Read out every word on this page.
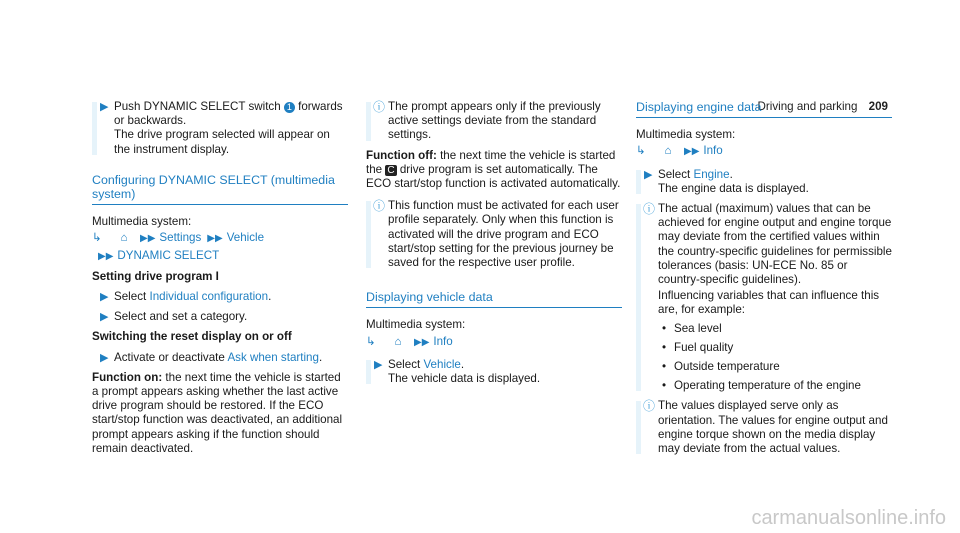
Driving and parking 209
▶ Push DYNAMIC SELECT switch 1 forwards or backwards.
The drive program selected will appear on the instrument display.
Configuring DYNAMIC SELECT (multimedia system)
Multimedia system:
↳ ⌂ ▶▶ Settings ▶▶ Vehicle
▶▶ DYNAMIC SELECT
Setting drive program I
▶ Select Individual configuration.
▶ Select and set a category.
Switching the reset display on or off
▶ Activate or deactivate Ask when starting.
Function on: the next time the vehicle is started a prompt appears asking whether the last active drive program should be restored. If the ECO start/stop function was deactivated, an additional prompt appears asking if the function should remain deactivated.
ⓘ The prompt appears only if the previously active settings deviate from the standard settings.
Function off: the next time the vehicle is started the C drive program is set automatically. The ECO start/stop function is activated automatically.
ⓘ This function must be activated for each user profile separately. Only when this function is activated will the drive program and ECO start/stop setting for the previous journey be saved for the respective user profile.
Displaying vehicle data
Multimedia system:
↳ ⌂ ▶▶ Info
▶ Select Vehicle.
The vehicle data is displayed.
Displaying engine data
Multimedia system:
↳ ⌂ ▶▶ Info
▶ Select Engine.
The engine data is displayed.
ⓘ The actual (maximum) values that can be achieved for engine output and engine torque may deviate from the certified values within the country-specific guidelines for permissible tolerances (basis: UN-ECE No. 85 or country-specific guidelines).
Influencing variables that can influence this are, for example:
• Sea level
• Fuel quality
• Outside temperature
• Operating temperature of the engine
ⓘ The values displayed serve only as orientation. The values for engine output and engine torque shown on the media display may deviate from the actual values.
carmanualsonline.info
